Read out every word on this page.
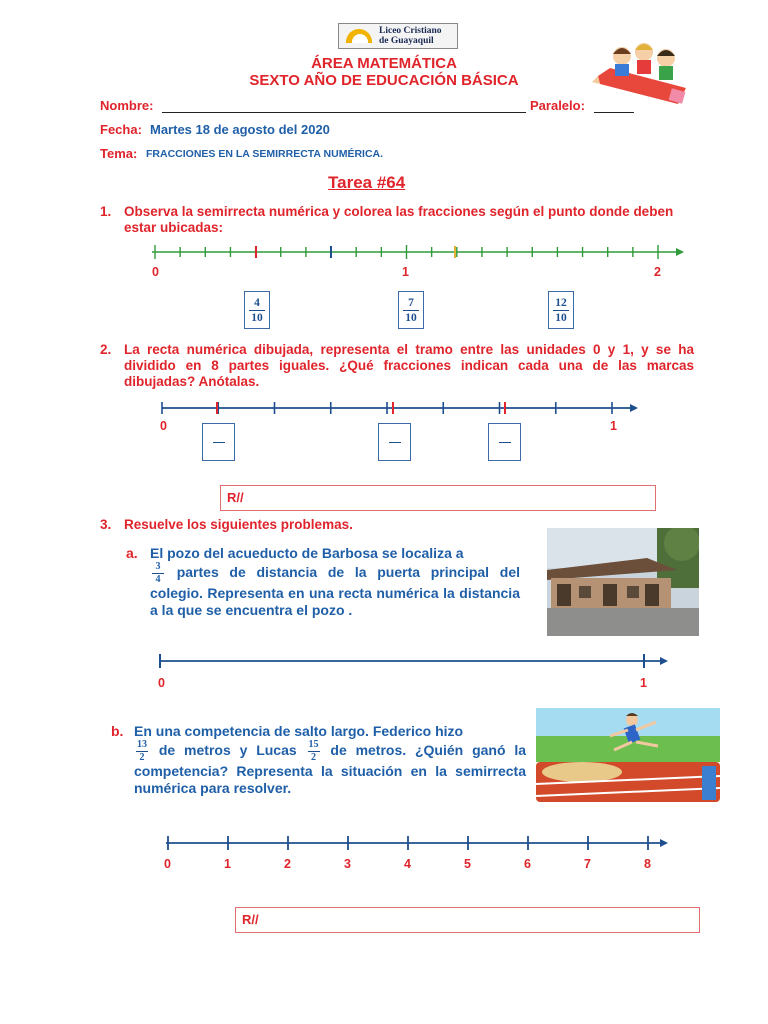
Liceo Cristiano
de Guayaquil
ÁREA MATEMÁTICA
SEXTO AÑO DE EDUCACIÓN BÁSICA
Nombre:	Paralelo:
Fecha: Martes 18 de agosto del 2020
Tema: FRACCIONES EN LA SEMIRRECTA NUMÉRICA.
Tarea #64
1. Observa la semirrecta numérica y colorea las fracciones según el punto donde deben estar ubicadas:
0	1	2
4
10
7
10
12
10
2. La recta numérica dibujada, representa el tramo entre las unidades 0 y 1, y se ha dividido en 8 partes iguales. ¿Qué fracciones indican cada una de las marcas dibujadas? Anótalas.
0	1
R//
3. Resuelve los siguientes problemas.
a. El pozo del acueducto de Barbosa se localiza a

$\frac{3}{4}$ partes de distancia de la puerta principal del colegio. Representa en una recta numérica la distancia a la que se encuentra el pozo .
0	1
b. En una competencia de salto largo. Federico hizo

$\frac{13}{2}$ de metros y Lucas $\frac{15}{2}$ de metros. ¿Quién ganó la competencia? Representa la situación en la semirrecta numérica para resolver.
0	1	2	3	4	5	6	7	8
R//
